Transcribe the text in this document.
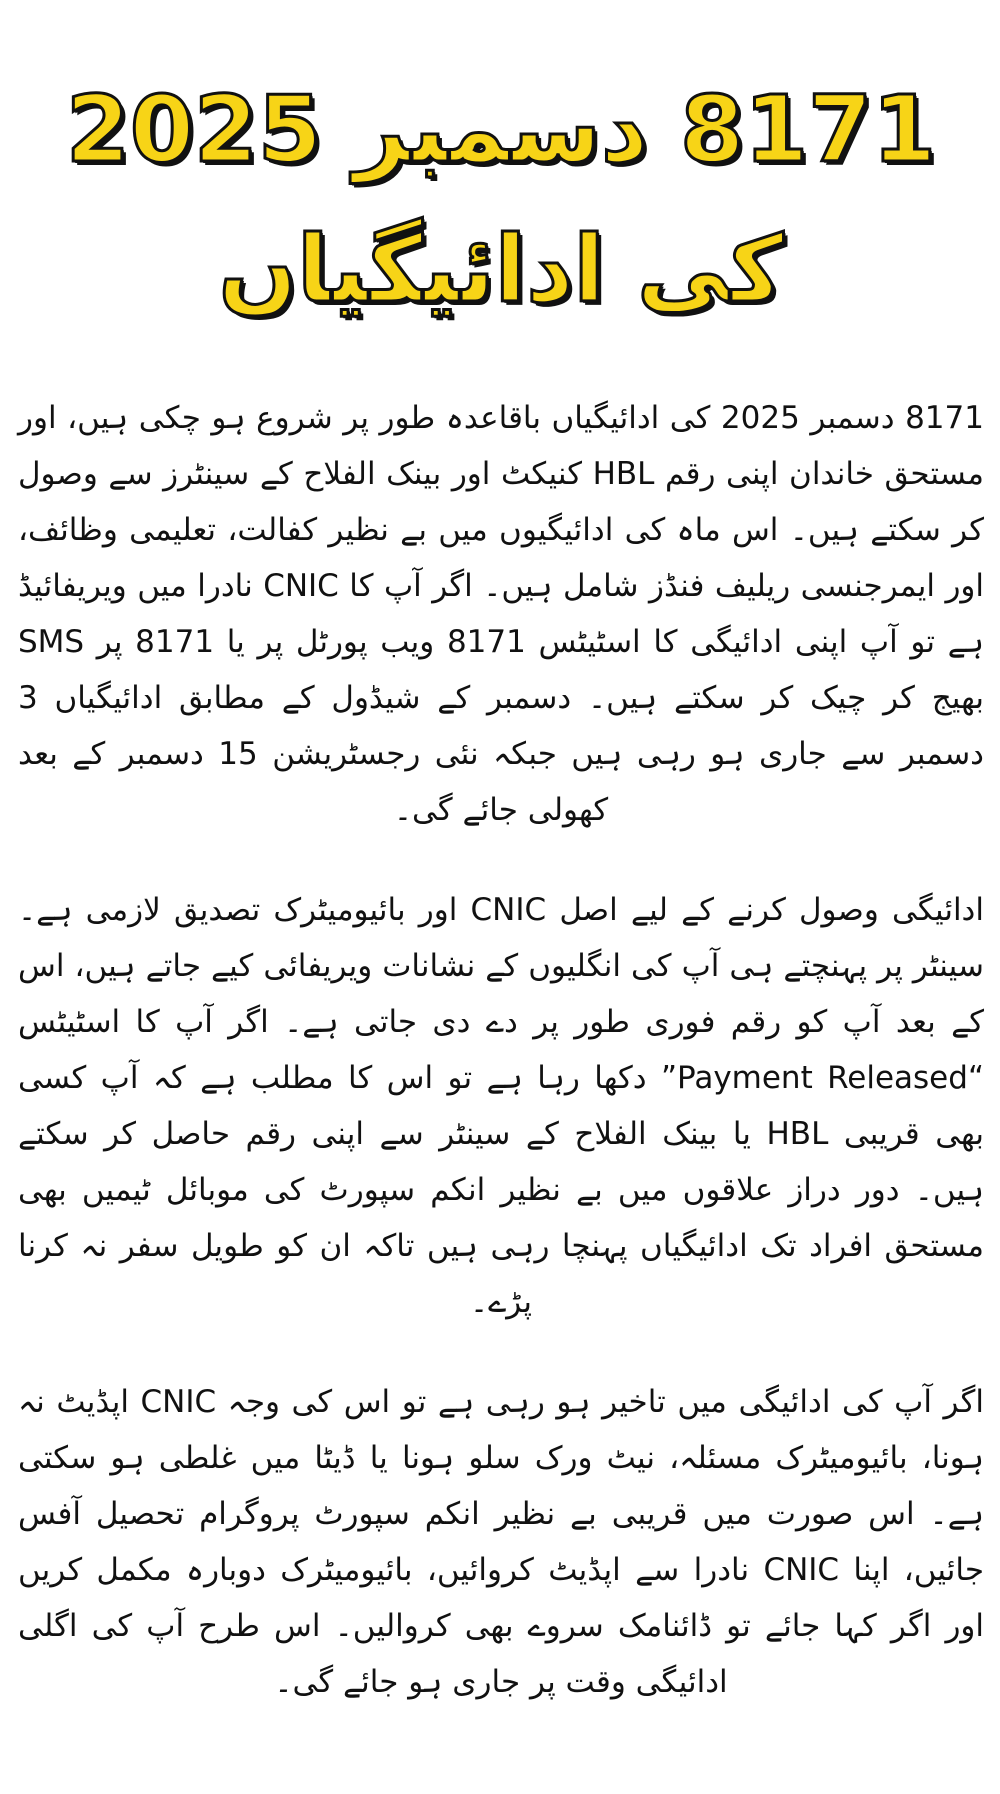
8171 دسمبر 2025 کی ادائیگیاں

8171 دسمبر 2025 کی ادائیگیاں باقاعدہ طور پر شروع ہو چکی ہیں، اور مستحق خاندان اپنی رقم HBL کنیکٹ اور بینک الفلاح کے سینٹرز سے وصول کر سکتے ہیں۔ اس ماہ کی ادائیگیوں میں بے نظیر کفالت، تعلیمی وظائف، اور ایمرجنسی ریلیف فنڈز شامل ہیں۔ اگر آپ کا CNIC نادرا میں ویریفائیڈ ہے تو آپ اپنی ادائیگی کا اسٹیٹس 8171 ویب پورٹل پر یا 8171 پر SMS بھیج کر چیک کر سکتے ہیں۔ دسمبر کے شیڈول کے مطابق ادائیگیاں 3 دسمبر سے جاری ہو رہی ہیں جبکہ نئی رجسٹریشن 15 دسمبر کے بعد کھولی جائے گی۔

ادائیگی وصول کرنے کے لیے اصل CNIC اور بائیومیٹرک تصدیق لازمی ہے۔ سینٹر پر پہنچتے ہی آپ کی انگلیوں کے نشانات ویریفائی کیے جاتے ہیں، اس کے بعد آپ کو رقم فوری طور پر دے دی جاتی ہے۔ اگر آپ کا اسٹیٹس “Payment Released” دکھا رہا ہے تو اس کا مطلب ہے کہ آپ کسی بھی قریبی HBL یا بینک الفلاح کے سینٹر سے اپنی رقم حاصل کر سکتے ہیں۔ دور دراز علاقوں میں بے نظیر انکم سپورٹ کی موبائل ٹیمیں بھی مستحق افراد تک ادائیگیاں پہنچا رہی ہیں تاکہ ان کو طویل سفر نہ کرنا پڑے۔

اگر آپ کی ادائیگی میں تاخیر ہو رہی ہے تو اس کی وجہ CNIC اپڈیٹ نہ ہونا، بائیومیٹرک مسئلہ، نیٹ ورک سلو ہونا یا ڈیٹا میں غلطی ہو سکتی ہے۔ اس صورت میں قریبی بے نظیر انکم سپورٹ پروگرام تحصیل آفس جائیں، اپنا CNIC نادرا سے اپڈیٹ کروائیں، بائیومیٹرک دوبارہ مکمل کریں اور اگر کہا جائے تو ڈائنامک سروے بھی کروالیں۔ اس طرح آپ کی اگلی ادائیگی وقت پر جاری ہو جائے گی۔
